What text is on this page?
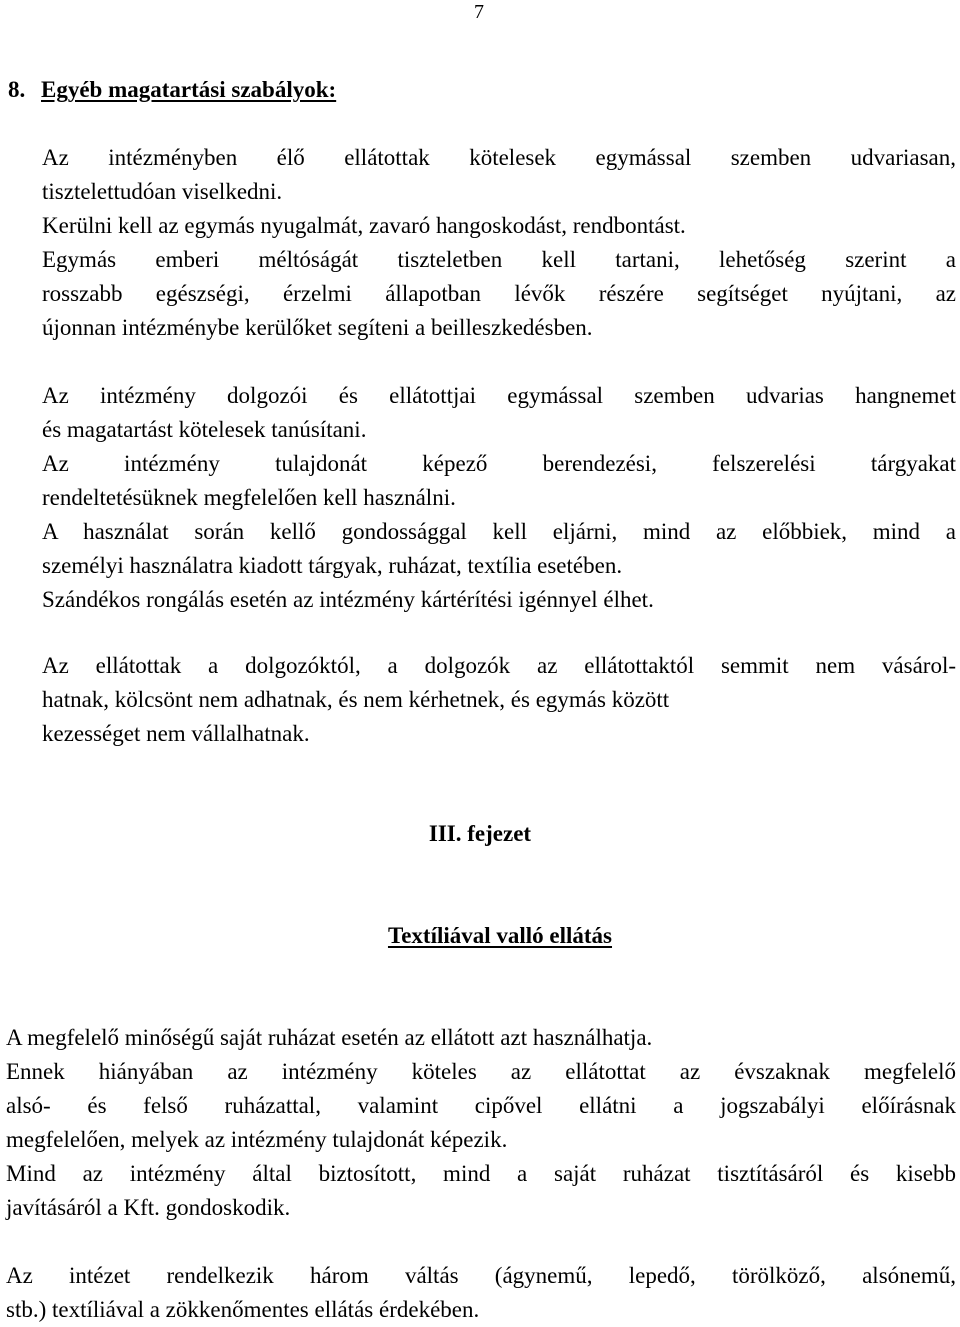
7
8. Egyéb magatartási szabályok:
Az intézményben élő ellátottak kötelesek egymással szemben udvariasan,
tisztelettudóan viselkedni.
Kerülni kell az egymás nyugalmát, zavaró hangoskodást, rendbontást.
Egymás emberi méltóságát tiszteletben kell tartani, lehetőség szerint a
rosszabb egészségi, érzelmi állapotban lévők részére segítséget nyújtani, az
újonnan intézménybe kerülőket segíteni a beilleszkedésben.
Az intézmény dolgozói és ellátottjai egymással szemben udvarias hangnemet
és magatartást kötelesek tanúsítani.
Az intézmény tulajdonát képező berendezési, felszerelési tárgyakat
rendeltetésüknek megfelelően kell használni.
A használat során kellő gondossággal kell eljárni, mind az előbbiek, mind a
személyi használatra kiadott tárgyak, ruházat, textília esetében.
Szándékos rongálás esetén az intézmény kártérítési igénnyel élhet.
Az ellátottak a dolgozóktól, a dolgozók az ellátottaktól semmit nem vásárol-
hatnak, kölcsönt nem adhatnak, és nem kérhetnek, és egymás között
kezességet nem vállalhatnak.
III. fejezet
Textíliával valló ellátás
A megfelelő minőségű saját ruházat esetén az ellátott azt használhatja.
Ennek hiányában az intézmény köteles az ellátottat az évszaknak megfelelő
alsó- és felső ruházattal, valamint cipővel ellátni a jogszabályi előírásnak
megfelelően, melyek az intézmény tulajdonát képezik.
Mind az intézmény által biztosított, mind a saját ruházat tisztításáról és kisebb
javításáról a Kft. gondoskodik.
Az intézet rendelkezik három váltás (ágynemű, lepedő, törölköző, alsónemű,
stb.) textíliával a zökkenőmentes ellátás érdekében.
